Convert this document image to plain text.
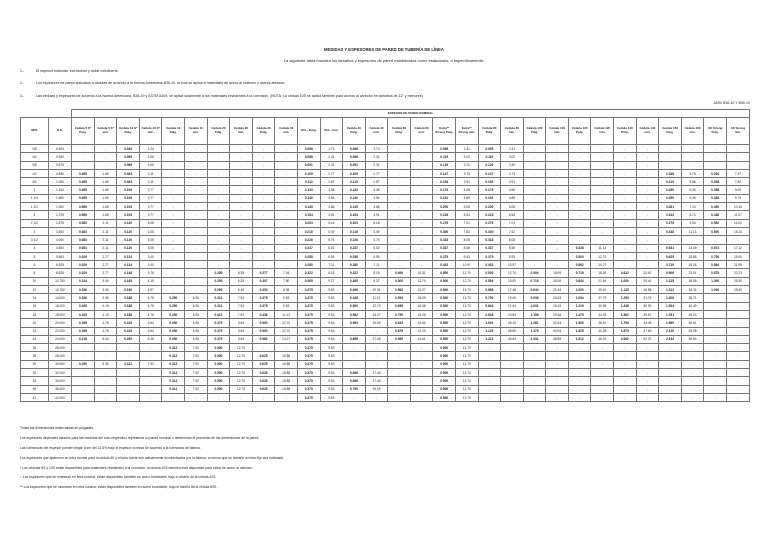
MEDIDAS Y ESPESORES DE PARED DE TUBERÍA DE LÍNEA
La siguiente tabla muestra los tamaños y espesores de pared establecidos como estándares, o específicamente:
1.-	El espesor estándar, extrafuerte y doble extrafuerte.
2.-	Los espesores de pared aplicados a cédulas de acuerdo a la Norma Americana B36.10, la cual se aplica a materiales de acero al carbono y aceros aleados.
3.-	Las cédulas y espesores de acuerdo a la Norma Americana, B36.19 y ASTM A409, se aplica solamente a los materiales resistentes a la corrosión. (NOTA: La cédula 10S se aplica también para aceros al carbono en tamaños de 12" y menores)
ANSI B36.10 Y B36.19
		ESPESOR DE PARED NOMINAL																													
NPS	D.E.	Cédula 5 S* Pulg.	Cédula 5 S* mm.	Cédula 10 S* Pulg.	Cédula 10 S* mm.	Cédula 10 Pulg.	Cédula 10 mm.	Cédula 20 Pulg.	Cédula 20 mm.	Cédula 30 Pulg.	Cédula 30 mm.	Std.– Pulg.	Std.– mm.	Cédula 40 Pulg.	Cédula 40 mm.	Cédula 60 Pulg.	Cédula 60 mm.	Extra** Strong Pulg.	Extra** Strong mm.	Cédula 80 Pulg.	Cédula 80 mm.	Cédula 100 Pulg.	Cédula 100 mm.	Cédula 120 Pulg.	Cédula 120 mm.	Cédula 140 Pulg.	Cédula 140 mm.	Cédula 160 Pulg.	Cédula 160 mm.	XX Strong Pulg.	XX Strong mm.
1/8	0.405	-	-	0.049	1.24	-	-	-	-	-	-	0.068	1.73	0.068	1.73	-	-	0.095	2.41	0.095	2.41	-	-	-	-	-	-	-	-	-	-
1/4	0.540	-	-	0.065	1.65	-	-	-	-	-	-	0.088	2.24	0.088	2.24	-	-	0.119	3.02	0.119	3.02	-	-	-	-	-	-	-	-	-	-
3/8	0.675	-	-	0.065	1.65	-	-	-	-	-	-	0.091	2.31	0.091	2.31	-	-	0.126	3.20	0.126	3.20	-	-	-	-	-	-	-	-	-	-
1/2	0.840	0.065	1.65	0.083	2.11	-	-	-	-	-	-	0.109	2.77	0.109	2.77	-	-	0.147	3.73	0.147	3.73	-	-	-	-	-	-	0.188	4.78	0.294	7.47
3/4	1.050	0.065	1.65	0.083	2.11	-	-	-	-	-	-	0.113	2.87	0.113	2.87	-	-	0.154	3.91	0.154	3.91	-	-	-	-	-	-	0.219	5.56	0.308	7.82
1	1.315	0.065	1.65	0.109	2.77	-	-	-	-	-	-	0.133	3.38	0.133	3.38	-	-	0.179	4.55	0.179	4.55	-	-	-	-	-	-	0.250	6.35	0.358	9.09
1 1/4	1.660	0.065	1.65	0.109	2.77	-	-	-	-	-	-	0.140	3.56	0.140	3.56	-	-	0.191	4.85	0.191	4.85	-	-	-	-	-	-	0.250	6.35	0.382	9.70
1 1/2	1.900	0.065	1.65	0.109	2.77	-	-	-	-	-	-	0.145	3.68	0.145	3.68	-	-	0.200	5.08	0.200	5.08	-	-	-	-	-	-	0.281	7.14	0.400	10.16
2	2.375	0.065	1.65	0.109	2.77	-	-	-	-	-	-	0.154	3.91	0.154	3.91	-	-	0.218	5.54	0.218	5.54	-	-	-	-	-	-	0.344	8.74	0.436	11.07
2 1/2	2.875	0.083	2.11	0.120	3.05	-	-	-	-	-	-	0.203	5.16	0.203	5.16	-	-	0.276	7.01	0.276	7.01	-	-	-	-	-	-	0.375	9.53	0.552	14.02
3	3.500	0.083	2.11	0.120	3.05	-	-	-	-	-	-	0.216	5.49	0.216	5.49	-	-	0.300	7.62	0.300	7.62	-	-	-	-	-	-	0.438	11.13	0.600	15.24
3 1/2	4.000	0.083	2.11	0.120	3.05	-	-	-	-	-	-	0.226	5.74	0.226	5.74	-	-	0.318	8.08	0.318	8.08	-	-	-	-	-	-	-	-	-	-
4	4.500	0.083	2.11	0.120	3.05	-	-	-	-	-	-	0.237	6.02	0.237	6.02	-	-	0.337	8.56	0.337	8.56	-	-	0.438	11.13	-	-	0.531	13.49	0.674	17.12
5	5.563	0.109	2.77	0.134	3.40	-	-	-	-	-	-	0.258	6.55	0.258	6.55	-	-	0.375	9.53	0.375	9.53	-	-	0.500	12.70	-	-	0.625	15.88	0.750	19.05
6	6.625	0.109	2.77	0.134	3.40	-	-	-	-	-	-	0.280	7.11	0.280	7.11	-	-	0.432	10.97	0.432	10.97	-	-	0.562	14.27	-	-	0.719	18.26	0.864	21.95
8	8.625	0.109	2.77	0.148	3.76	-	-	0.250	6.35	0.277	7.04	0.322	8.18	0.322	8.18	0.406	10.31	0.500	12.70	0.500	12.70	0.594	15.09	0.719	18.26	0.812	20.62	0.906	23.01	0.875	22.23
10	10.750	0.134	3.40	0.165	4.19	-	-	0.250	6.35	0.307	7.80	0.365	9.27	0.365	9.27	0.500	12.70	0.500	12.70	0.594	15.09	0.719	18.26	0.844	21.44	1.000	25.40	1.125	28.58	1.000	25.40
12	12.750	0.156	3.96	0.180	4.57	-	-	0.250	6.35	0.330	8.38	0.375	9.53	0.406	10.31	0.562	14.27	0.500	12.70	0.688	17.48	0.844	21.44	1.000	25.40	1.125	28.58	1.312	33.32	1.000	25.40
14	14.000	0.156	3.96	0.188	4.78	0.250	6.35	0.312	7.92	0.375	9.53	0.375	9.53	0.438	11.13	0.594	15.09	0.500	12.70	0.750	19.05	0.938	23.83	1.094	27.79	1.250	31.75	1.406	35.71	-	-
16	16.000	0.165	4.19	0.188	4.78	0.250	6.35	0.312	7.92	0.375	9.53	0.375	9.53	0.500	12.70	0.656	16.66	0.500	12.70	0.844	21.44	1.031	26.19	1.219	30.96	1.438	36.53	1.594	40.49	-	-
18	18.000	0.165	4.19	0.188	4.78	0.250	6.35	0.312	7.92	0.438	11.13	0.375	9.53	0.562	14.27	0.750	19.05	0.500	12.70	0.938	23.83	1.156	29.36	1.375	34.93	1.562	39.67	1.781	45.24	-	-
20	20.000	0.188	4.78	0.218	5.54	0.250	6.35	0.375	9.53	0.500	12.70	0.375	9.53	0.594	15.09	0.812	20.62	0.500	12.70	1.031	26.19	1.281	32.54	1.500	38.10	1.750	44.45	1.969	50.01	-	-
22	22.000	0.188	4.78	0.218	5.54	0.250	6.35	0.375	9.53	0.500	12.70	0.375	9.53	-	-	0.875	22.23	0.500	12.70	1.125	28.58	1.375	34.93	1.625	41.28	1.875	47.63	2.125	53.98	-	-
24	24.000	0.218	5.54	0.250	6.35	0.250	6.35	0.375	9.53	0.562	14.27	0.375	9.53	0.688	17.48	0.969	24.61	0.500	12.70	1.218	30.94	1.531	38.89	1.812	46.02	2.062	52.37	2.344	59.54	-	-
26	26.000	-	-	-	-	0.312	7.92	0.500	12.70	-	-	0.375	9.53	-	-	-	-	0.500	12.70	-	-	-	-	-	-	-	-	-	-	-	-
28	28.000	-	-	-	-	0.312	7.92	0.500	12.70	0.625	15.88	0.375	9.53	-	-	-	-	0.500	12.70	-	-	-	-	-	-	-	-	-	-	-	-
30	30.000	0.250	6.35	0.312	7.92	0.312	7.92	0.500	12.70	0.625	15.88	0.375	9.53	-	-	-	-	0.500	12.70	-	-	-	-	-	-	-	-	-	-	-	-
32	32.000	-	-	-	-	0.312	7.92	0.500	12.70	0.625	15.88	0.375	9.53	0.688	17.48	-	-	0.500	12.70	-	-	-	-	-	-	-	-	-	-	-	-
34	34.000	-	-	-	-	0.312	7.92	0.500	12.70	0.625	15.88	0.375	9.53	0.688	17.48	-	-	0.500	12.70	-	-	-	-	-	-	-	-	-	-	-	-
36	36.000	-	-	-	-	0.312	7.92	0.500	12.70	0.625	15.88	0.375	9.53	0.750	19.05	-	-	0.500	12.70	-	-	-	-	-	-	-	-	-	-	-	-
42	42.000	-	-	-	-	-	-	-	-	-	-	0.375	9.53	-	-	-	-	0.500	12.70	-	-	-	-	-	-	-	-	-	-	-	-
Todas las dimensiones están dadas en pulgadas.
Los espesores decimales listados para las medidas del tubo respectivo representa su pared nominal o determinan el promedio de las dimensiones de la pared.
Las tolerancias del espesor pueden llegar a ser del 12.5% bajo el espesor nominal de acuerdo a la tolerancia de fábrica.
Los espesores que aparecen en letra normal para la cédula 60 y el tubo fuerte son actualmente suministrados por la fábrica, a menos que un tamaño mínimo fijo sea ordenado.
* Las cédulas 5S y 10S están disponibles para materiales resistentes a la corrosión, la cédula 10S también está disponible para tubos de acero al carbono.
– Los espesores que se muestran en letra cursiva, están disponibles también en acero inoxidable, bajo el diseño de la cédula 40S.
** Los espesores que se muestran en letra cursiva, están disponibles también en acero inoxidable, bajo el diseño de la cédula 80S.
